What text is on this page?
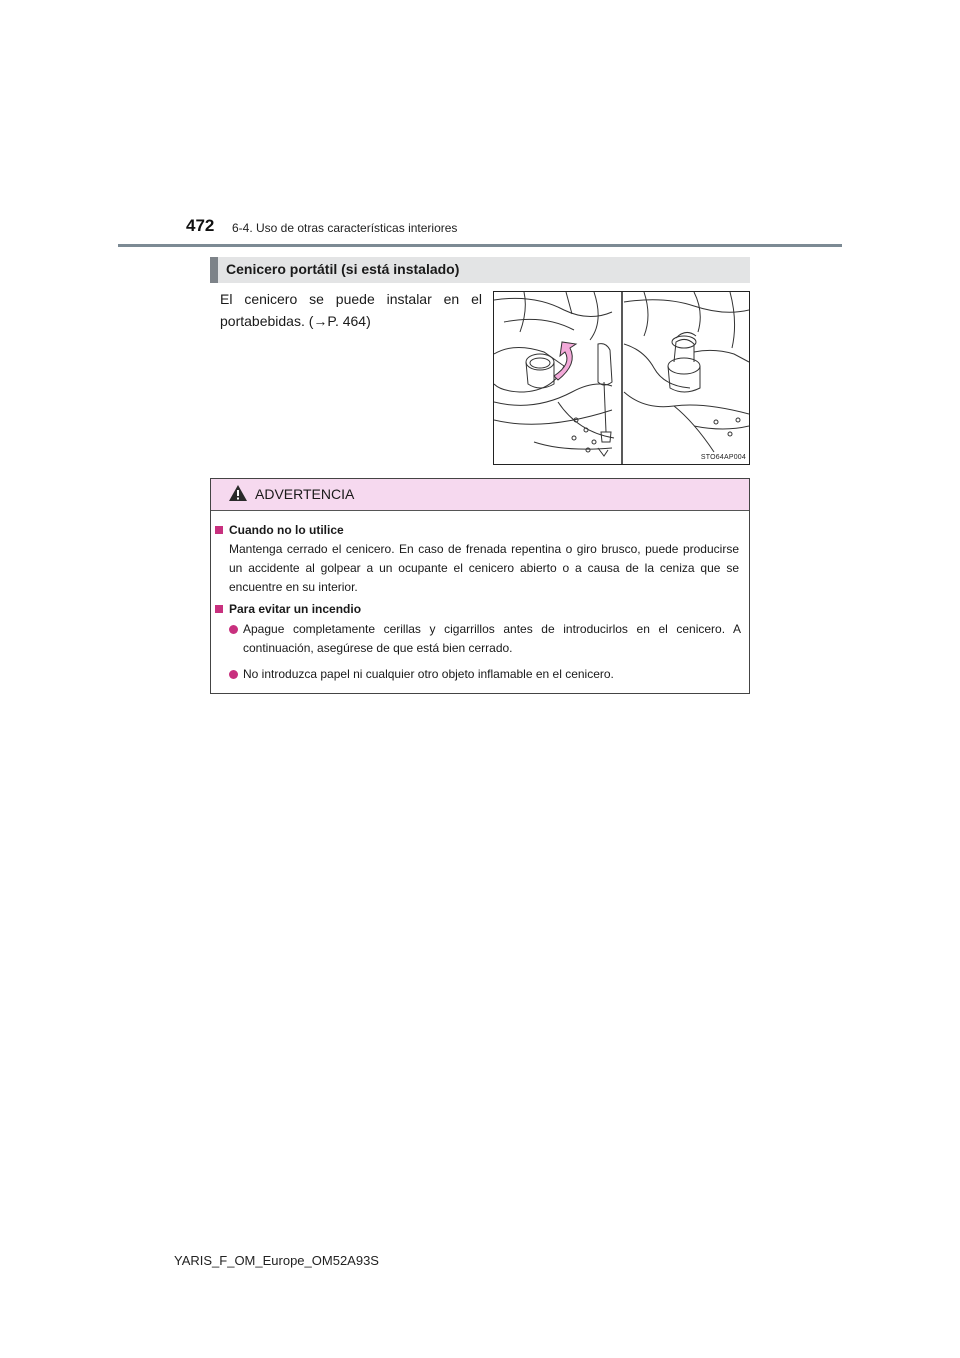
472 6-4. Uso de otras características interiores
Cenicero portátil (si está instalado)
El cenicero se puede instalar en el portabebidas. (→P. 464)
STO64AP004
ADVERTENCIA
Cuando no lo utilice
Mantenga cerrado el cenicero. En caso de frenada repentina o giro brusco, puede producirse un accidente al golpear a un ocupante el cenicero abierto o a causa de la ceniza que se encuentre en su interior.
Para evitar un incendio
Apague completamente cerillas y cigarrillos antes de introducirlos en el cenicero. A continuación, asegúrese de que está bien cerrado.
No introduzca papel ni cualquier otro objeto inflamable en el cenicero.
YARIS_F_OM_Europe_OM52A93S
